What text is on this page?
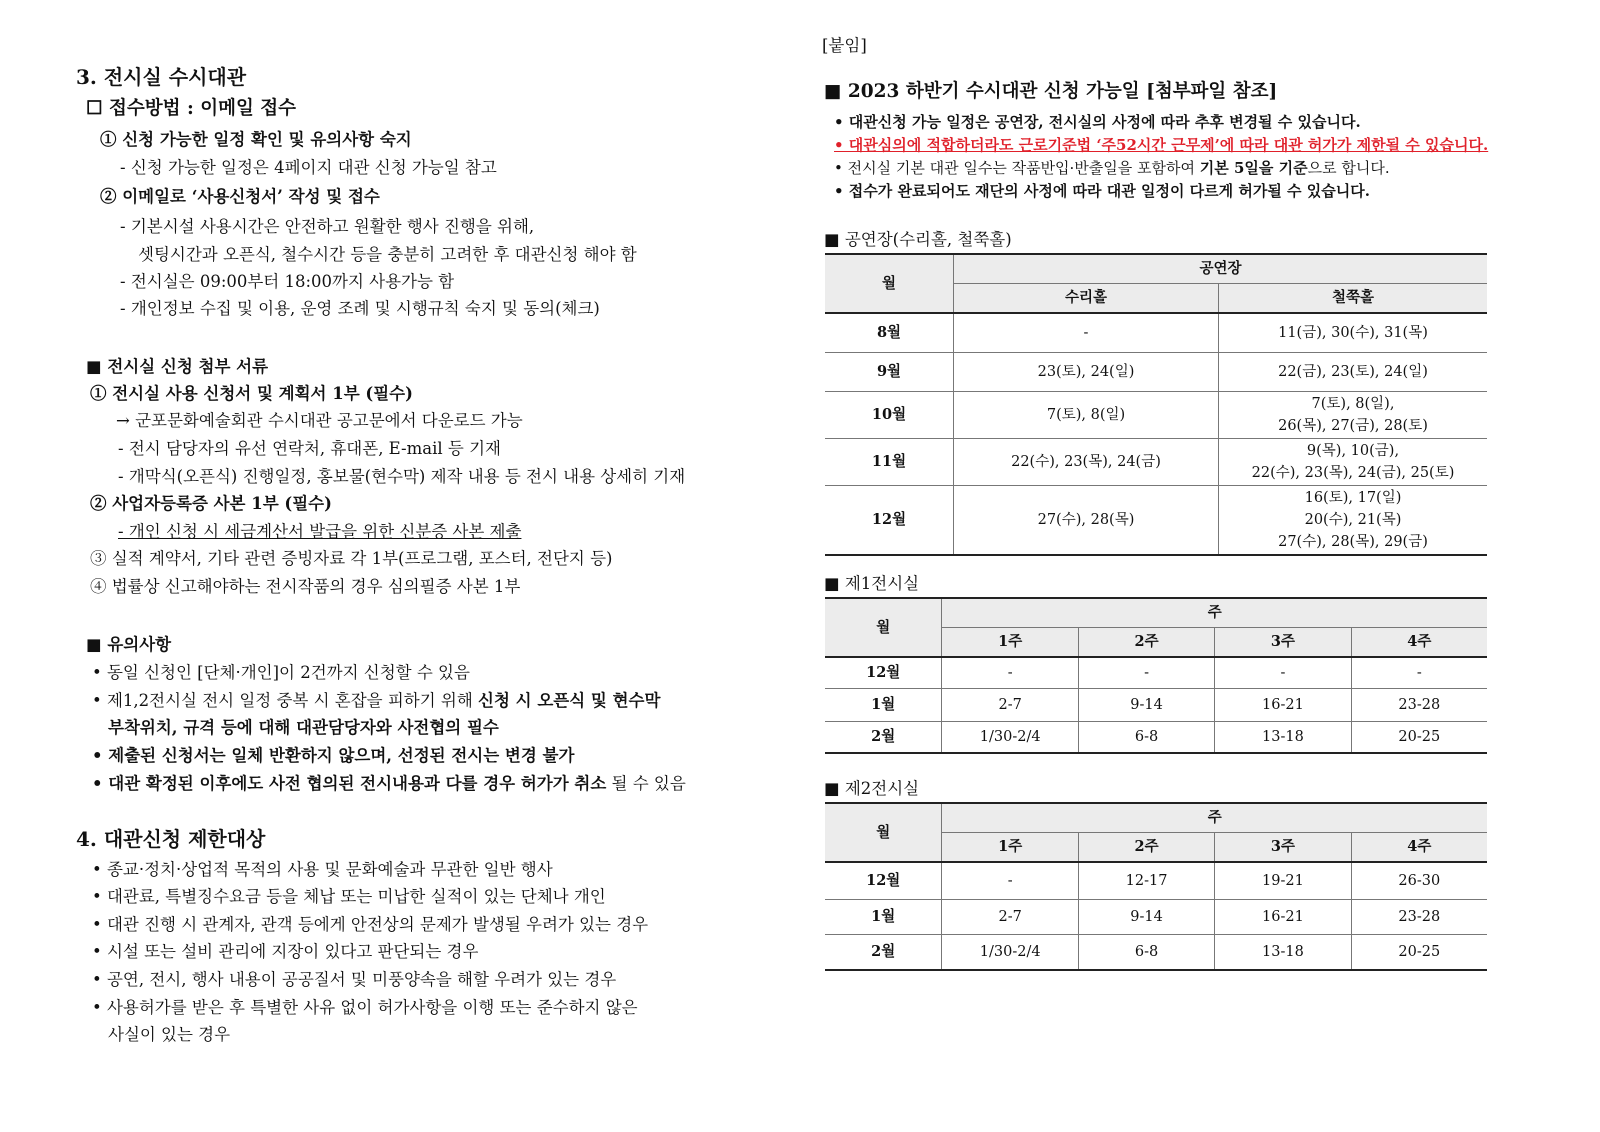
3. 전시실 수시대관
☐ 접수방법 : 이메일 접수
① 신청 가능한 일정 확인 및 유의사항 숙지
- 신청 가능한 일정은 4페이지 대관 신청 가능일 참고
② 이메일로 ‘사용신청서’ 작성 및 접수
- 기본시설 사용시간은 안전하고 원활한 행사 진행을 위해,
셋팅시간과 오픈식, 철수시간 등을 충분히 고려한 후 대관신청 해야 함
- 전시실은 09:00부터 18:00까지 사용가능 함
- 개인정보 수집 및 이용, 운영 조례 및 시행규칙 숙지 및 동의(체크)
■ 전시실 신청 첨부 서류
① 전시실 사용 신청서 및 계획서 1부 (필수)
→ 군포문화예술회관 수시대관 공고문에서 다운로드 가능
- 전시 담당자의 유선 연락처, 휴대폰, E-mail 등 기재
- 개막식(오픈식) 진행일정, 홍보물(현수막) 제작 내용 등 전시 내용 상세히 기재
② 사업자등록증 사본 1부 (필수)
- 개인 신청 시 세금계산서 발급을 위한 신분증 사본 제출
③ 실적 계약서, 기타 관련 증빙자료 각 1부(프로그램, 포스터, 전단지 등)
④ 법률상 신고해야하는 전시작품의 경우 심의필증 사본 1부
■ 유의사항
• 동일 신청인 [단체·개인]이 2건까지 신청할 수 있음
• 제1,2전시실 전시 일정 중복 시 혼잡을 피하기 위해 신청 시 오픈식 및 현수막
부착위치, 규격 등에 대해 대관담당자와 사전협의 필수
• 제출된 신청서는 일체 반환하지 않으며, 선정된 전시는 변경 불가
• 대관 확정된 이후에도 사전 협의된 전시내용과 다를 경우 허가가 취소 될 수 있음
4. 대관신청 제한대상
• 종교·정치·상업적 목적의 사용 및 문화예술과 무관한 일반 행사
• 대관료, 특별징수요금 등을 체납 또는 미납한 실적이 있는 단체나 개인
• 대관 진행 시 관계자, 관객 등에게 안전상의 문제가 발생될 우려가 있는 경우
• 시설 또는 설비 관리에 지장이 있다고 판단되는 경우
• 공연, 전시, 행사 내용이 공공질서 및 미풍양속을 해할 우려가 있는 경우
• 사용허가를 받은 후 특별한 사유 없이 허가사항을 이행 또는 준수하지 않은
사실이 있는 경우
[붙임]
■ 2023 하반기 수시대관 신청 가능일 [첨부파일 참조]
• 대관신청 가능 일정은 공연장, 전시실의 사정에 따라 추후 변경될 수 있습니다.
• 대관심의에 적합하더라도 근로기준법 ‘주52시간 근무제’에 따라 대관 허가가 제한될 수 있습니다.
• 전시실 기본 대관 일수는 작품반입·반출일을 포함하여 기본 5일을 기준으로 합니다.
• 접수가 완료되어도 재단의 사정에 따라 대관 일정이 다르게 허가될 수 있습니다.
■ 공연장(수리홀, 철쭉홀)
월	공연장	
	수리홀	철쭉홀
8월	-	11(금), 30(수), 31(목)

9월	23(토), 24(일)	22(금), 23(토), 24(일)

10월	7(토), 8(일)	7(토), 8(일),
26(목), 27(금), 28(토)

11월	22(수), 23(목), 24(금)	9(목), 10(금),
22(수), 23(목), 24(금), 25(토)

12월	27(수), 28(목)	16(토), 17(일)
20(수), 21(목)
27(수), 28(목), 29(금)
■ 제1전시실
월	주			
	1주	2주	3주	4주
12월	-	-	-	-
1월	2-7	9-14	16-21	23-28
2월	1/30-2/4	6-8	13-18	20-25
■ 제2전시실
월	주			
	1주	2주	3주	4주
12월	-	12-17	19-21	26-30
1월	2-7	9-14	16-21	23-28
2월	1/30-2/4	6-8	13-18	20-25
